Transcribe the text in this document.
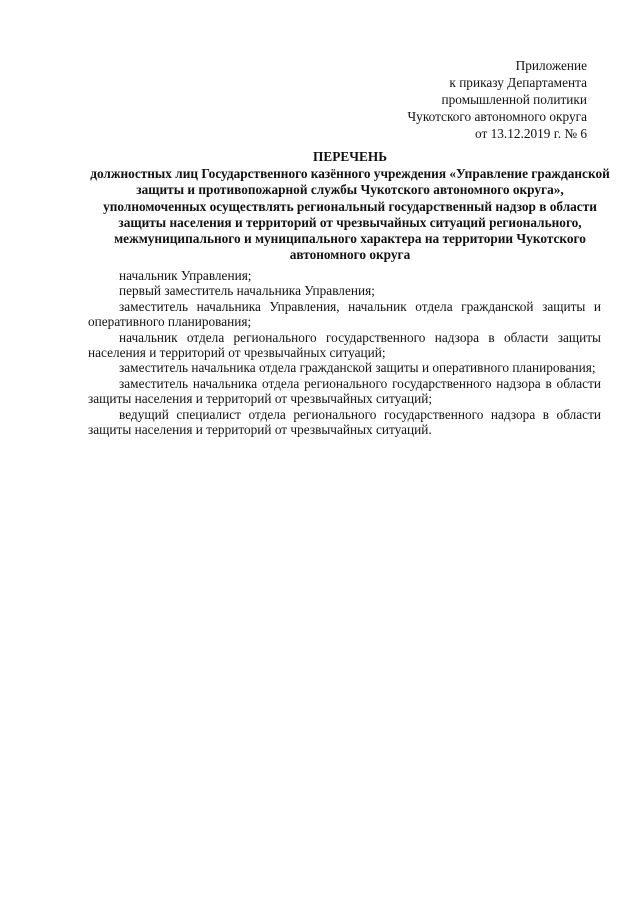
Приложение
к приказу Департамента
промышленной политики
Чукотского автономного округа
от 13.12.2019 г. № 6
ПЕРЕЧЕНЬ
должностных лиц Государственного казённого учреждения «Управление гражданской
защиты и противопожарной службы Чукотского автономного округа»,
уполномоченных осуществлять региональный государственный надзор в области
защиты населения и территорий от чрезвычайных ситуаций регионального,
межмуниципального и муниципального характера на территории Чукотского
автономного округа

начальник Управления;

первый заместитель начальника Управления;

заместитель начальника Управления, начальник отдела гражданской защиты и оперативного планирования;

начальник отдела регионального государственного надзора в области защиты населения и территорий от чрезвычайных ситуаций;

заместитель начальника отдела гражданской защиты и оперативного планирования;

заместитель начальника отдела регионального государственного надзора в области защиты населения и территорий от чрезвычайных ситуаций;

ведущий специалист отдела регионального государственного надзора в области защиты населения и территорий от чрезвычайных ситуаций.
